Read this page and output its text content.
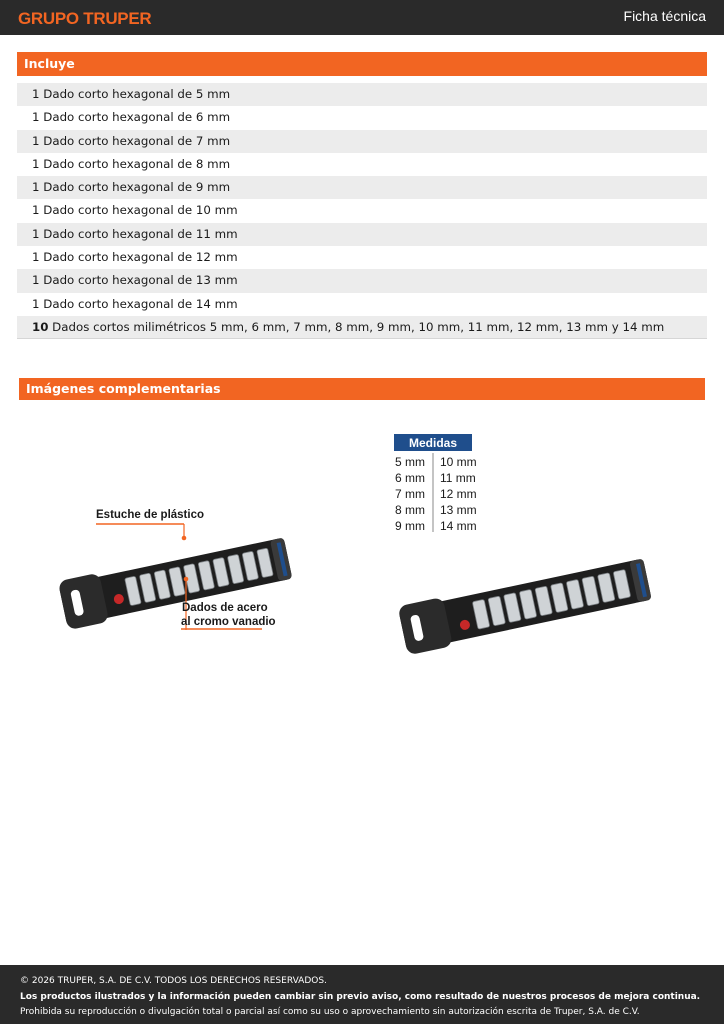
GRUPO TRUPER	Ficha técnica
Incluye
1 Dado corto hexagonal de 5 mm
1 Dado corto hexagonal de 6 mm
1 Dado corto hexagonal de 7 mm
1 Dado corto hexagonal de 8 mm
1 Dado corto hexagonal de 9 mm
1 Dado corto hexagonal de 10 mm
1 Dado corto hexagonal de 11 mm
1 Dado corto hexagonal de 12 mm
1 Dado corto hexagonal de 13 mm
1 Dado corto hexagonal de 14 mm
10 Dados cortos milimétricos 5 mm, 6 mm, 7 mm, 8 mm, 9 mm, 10 mm, 11 mm, 12 mm, 13 mm y 14 mm
Imágenes complementarias
Estuche de plástico
Dados de acero
al cromo vanadio
Medidas
5 mm
6 mm
7 mm
8 mm
9 mm
10 mm
11 mm
12 mm
13 mm
14 mm
© 2026 TRUPER, S.A. DE C.V. TODOS LOS DERECHOS RESERVADOS.
Los productos ilustrados y la información pueden cambiar sin previo aviso, como resultado de nuestros procesos de mejora continua.
Prohibida su reproducción o divulgación total o parcial así como su uso o aprovechamiento sin autorización escrita de Truper, S.A. de C.V.
